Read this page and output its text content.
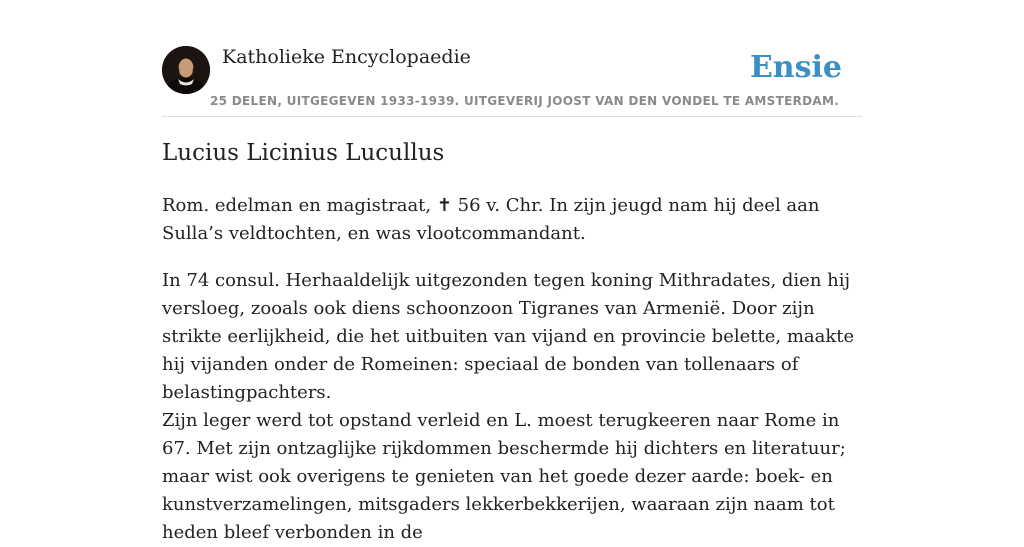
Katholieke Encyclopaedie
25 DELEN, UITGEGEVEN 1933-1939. UITGEVERIJ JOOST VAN DEN VONDEL TE AMSTERDAM.
Ensie
Lucius Licinius Lucullus

Rom. edelman en magistraat, ✝ 56 v. Chr. In zijn jeugd nam hij deel aan Sulla’s veldtochten, en was vlootcommandant.

In 74 consul. Herhaaldelijk uitgezonden tegen koning Mithradates, dien hij versloeg, zooals ook diens schoonzoon Tigranes van Armenië. Door zijn strikte eerlijkheid, die het uitbuiten van vijand en provincie belette, maakte hij vijanden onder de Romeinen: speciaal de bonden van tollenaars of belastingpachters.

Zijn leger werd tot opstand verleid en L. moest terugkeeren naar Rome in 67. Met zijn ontzaglijke rijkdommen beschermde hij dichters en literatuur; maar wist ook overigens te genieten van het goede dezer aarde: boek- en kunstverzamelingen, mitsgaders lekkerbekkerijen, waaraan zijn naam tot heden bleef verbonden in de
